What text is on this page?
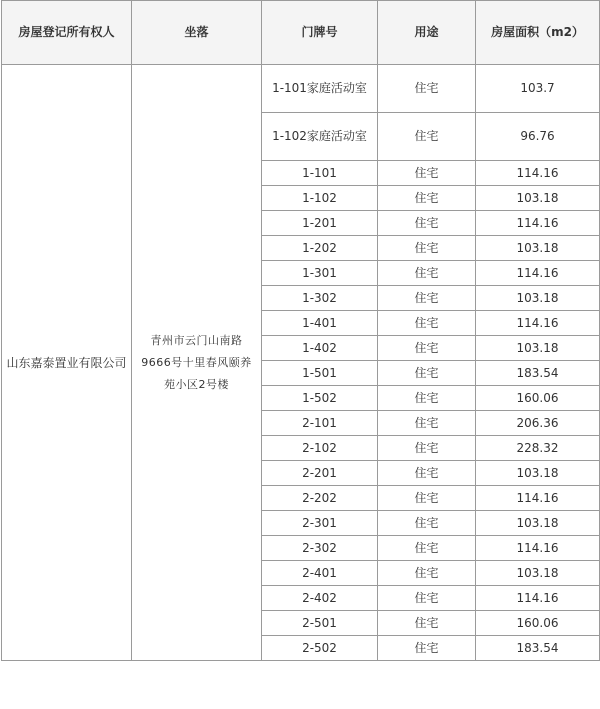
房屋登记所有权人	坐落	门牌号	用途	房屋面积（m2）
山东嘉泰置业有限公司	青州市云门山南路9666号十里春风颐养苑小区2号楼	1-101家庭活动室	住宅	103.7
		1-102家庭活动室	住宅	96.76
		1-101	住宅	114.16
		1-102	住宅	103.18
		1-201	住宅	114.16
		1-202	住宅	103.18
		1-301	住宅	114.16
		1-302	住宅	103.18
		1-401	住宅	114.16
		1-402	住宅	103.18
		1-501	住宅	183.54
		1-502	住宅	160.06
		2-101	住宅	206.36
		2-102	住宅	228.32
		2-201	住宅	103.18
		2-202	住宅	114.16
		2-301	住宅	103.18
		2-302	住宅	114.16
		2-401	住宅	103.18
		2-402	住宅	114.16
		2-501	住宅	160.06
		2-502	住宅	183.54
